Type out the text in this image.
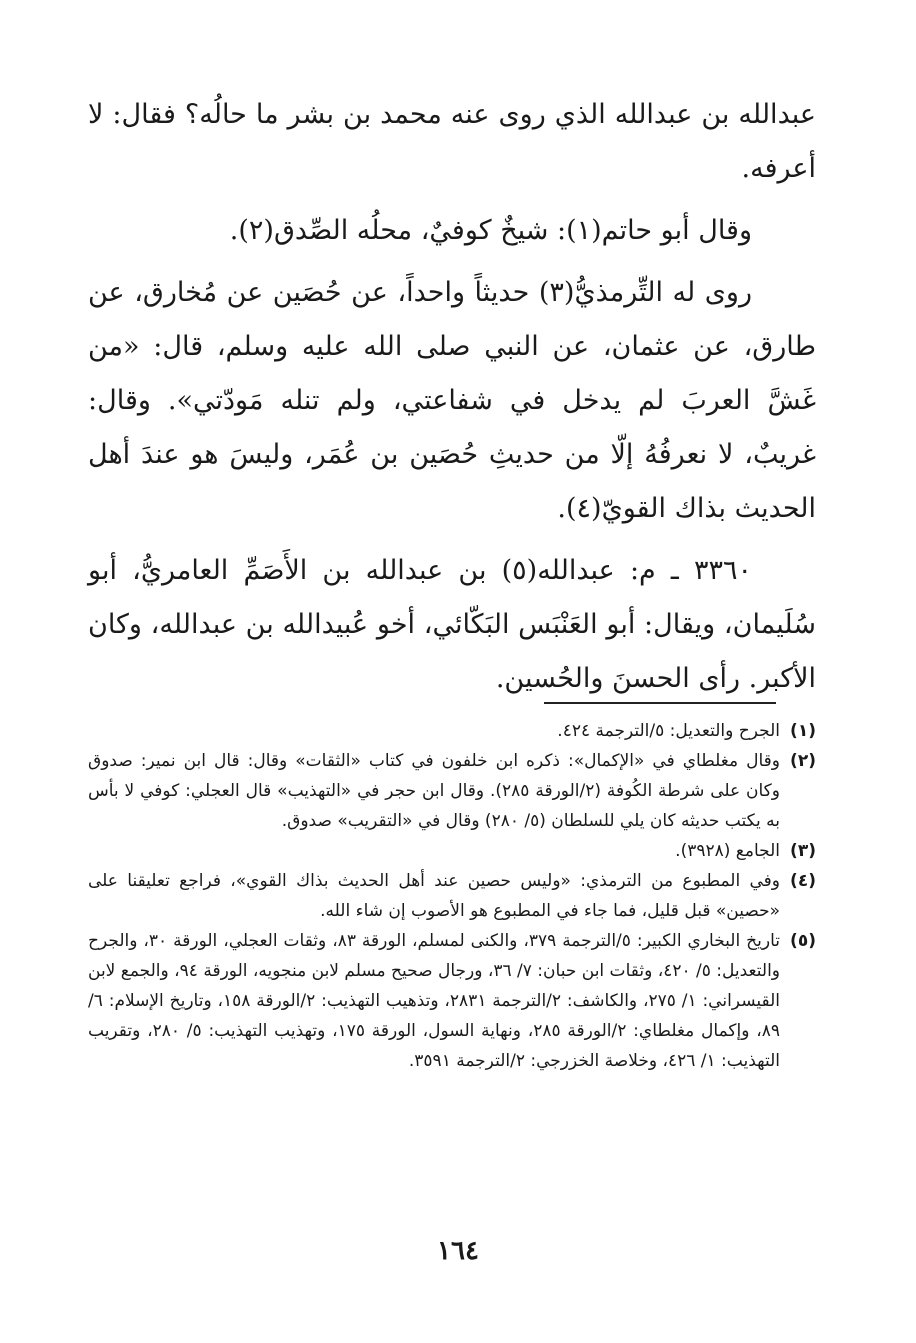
عبدالله بن عبدالله الذي روى عنه محمد بن بشر ما حالُه؟ فقال: لا أعرفه.

وقال أبو حاتم(١): شيخٌ كوفيٌ، محلُه الصِّدق(٢).

روى له التِّرمذيُّ(٣) حديثاً واحداً، عن حُصَين عن مُخارق، عن طارق، عن عثمان، عن النبي صلى الله عليه وسلم، قال: «من غَشَّ العربَ لم يدخل في شفاعتي، ولم تنله مَودّتي». وقال: غريبٌ، لا نعرفُهُ إلّا من حديثِ حُصَين بن عُمَر، وليسَ هو عندَ أهل الحديث بذاك القويّ(٤).

٣٣٦٠ ـ م: عبدالله(٥) بن عبدالله بن الأَصَمِّ العامريُّ، أبو سُلَيمان، ويقال: أبو العَنْبَس البَكّائي، أخو عُبيدالله بن عبدالله، وكان الأكبر. رأى الحسنَ والحُسين.

(١)
الجرح والتعديل: ٥/الترجمة ٤٢٤.
(٢)
وقال مغلطاي في «الإكمال»: ذكره ابن خلفون في كتاب «الثقات» وقال: قال ابن نمير: صدوق وكان على شرطة الكُوفة (٢/الورقة ٢٨٥). وقال ابن حجر في «التهذيب» قال العجلي: كوفي لا بأس به يكتب حديثه كان يلي للسلطان (٥/ ٢٨٠) وقال في «التقريب» صدوق.
(٣)
الجامع (٣٩٢٨).
(٤)
وفي المطبوع من الترمذي: «وليس حصين عند أهل الحديث بذاك القوي»، فراجع تعليقنا على «حصين» قبل قليل، فما جاء في المطبوع هو الأصوب إن شاء الله.
(٥)
تاريخ البخاري الكبير: ٥/الترجمة ٣٧٩، والكنى لمسلم، الورقة ٨٣، وثقات العجلي، الورقة ٣٠، والجرح والتعديل: ٥/ ٤٢٠، وثقات ابن حبان: ٧/ ٣٦، ورجال صحيح مسلم لابن منجويه، الورقة ٩٤، والجمع لابن القيسراني: ١/ ٢٧٥، والكاشف: ٢/الترجمة ٢٨٣١، وتذهيب التهذيب: ٢/الورقة ١٥٨، وتاريخ الإسلام: ٦/ ٨٩، وإكمال مغلطاي: ٢/الورقة ٢٨٥، ونهاية السول، الورقة ١٧٥، وتهذيب التهذيب: ٥/ ٢٨٠، وتقريب التهذيب: ١/ ٤٢٦، وخلاصة الخزرجي: ٢/الترجمة ٣٥٩١.
١٦٤
